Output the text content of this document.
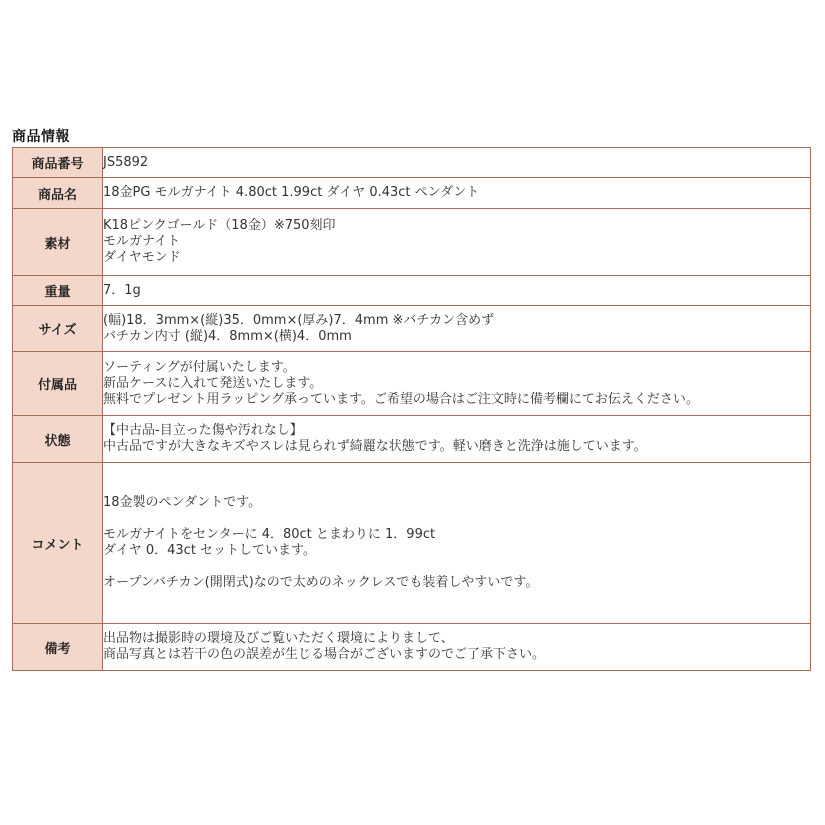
商品情報
商品番号	JS5892
商品名	18金PG モルガナイト 4.80ct 1.99ct ダイヤ 0.43ct ペンダント
素材	K18ピンクゴールド（18金）※750刻印
モルガナイト
ダイヤモンド

重量	7．1g
サイズ	(幅)18．3mm×(縦)35．0mm×(厚み)7．4mm ※バチカン含めず
バチカン内寸 (縦)4．8mm×(横)4．0mm

付属品	ソーティングが付属いたします。
新品ケースに入れて発送いたします。
無料でプレゼント用ラッピング承っています。ご希望の場合はご注文時に備考欄にてお伝えください。

状態	【中古品-目立った傷や汚れなし】
中古品ですが大きなキズやスレは見られず綺麗な状態です。軽い磨きと洗浄は施しています。

コメント	18金製のペンダントです。
モルガナイトをセンターに 4．80ct とまわりに 1．99ct
ダイヤ 0．43ct セットしています。
オープンバチカン(開閉式)なので太めのネックレスでも装着しやすいです。

備考	出品物は撮影時の環境及びご覧いただく環境によりまして、
商品写真とは若干の色の誤差が生じる場合がございますのでご了承下さい。
